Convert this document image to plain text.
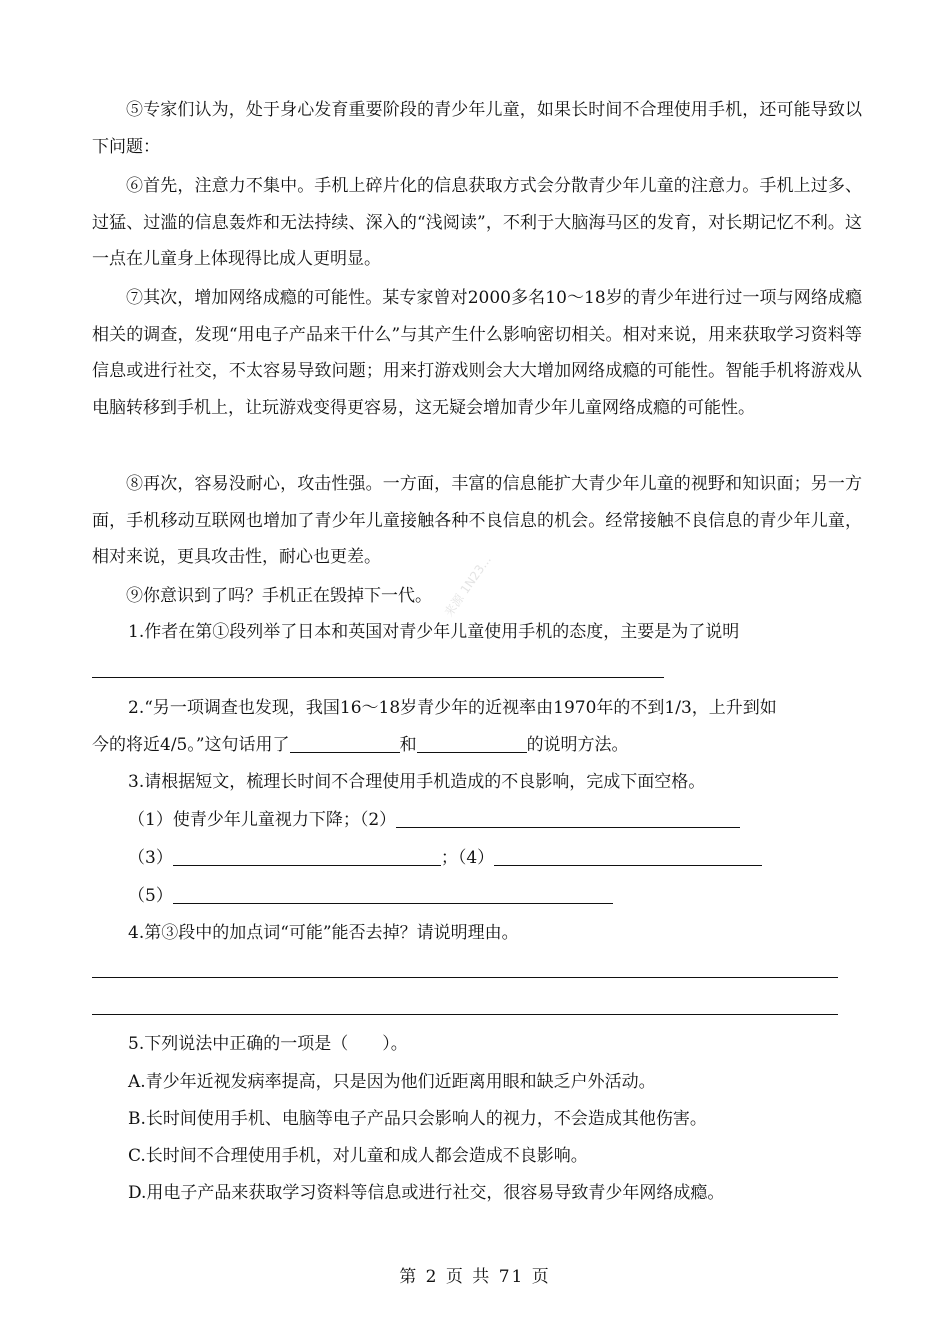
⑤专家们认为，处于身心发育重要阶段的青少年儿童，如果长时间不合理使用手机，还可能导致以下问题：

⑥首先，注意力不集中。手机上碎片化的信息获取方式会分散青少年儿童的注意力。手机上过多、过猛、过滥的信息轰炸和无法持续、深入的“浅阅读”，不利于大脑海马区的发育，对长期记忆不利。这一点在儿童身上体现得比成人更明显。

⑦其次，增加网络成瘾的可能性。某专家曾对2000多名10～18岁的青少年进行过一项与网络成瘾相关的调查，发现“用电子产品来干什么”与其产生什么影响密切相关。相对来说，用来获取学习资料等信息或进行社交，不太容易导致问题；用来打游戏则会大大增加网络成瘾的可能性。智能手机将游戏从电脑转移到手机上，让玩游戏变得更容易，这无疑会增加青少年儿童网络成瘾的可能性。

⑧再次，容易没耐心，攻击性强。一方面，丰富的信息能扩大青少年儿童的视野和知识面；另一方面，手机移动互联网也增加了青少年儿童接触各种不良信息的机会。经常接触不良信息的青少年儿童，相对来说，更具攻击性，耐心也更差。

⑨你意识到了吗？手机正在毁掉下一代。

1.作者在第①段列举了日本和英国对青少年儿童使用手机的态度，主要是为了说明
2.“另一项调查也发现，我国16～18岁青少年的近视率由1970年的不到1/3，上升到如
今的将近4/5。”这句话用了	和	的说明方法。
3.请根据短文，梳理长时间不合理使用手机造成的不良影响，完成下面空格。
（1）使青少年儿童视力下降；（2）
（3）	；（4）
（5）
4.第③段中的加点词“可能”能否去掉？请说明理由。
5.下列说法中正确的一项是（　　）。
A.青少年近视发病率提高，只是因为他们近距离用眼和缺乏户外活动。
B.长时间使用手机、电脑等电子产品只会影响人的视力，不会造成其他伤害。
C.长时间不合理使用手机，对儿童和成人都会造成不良影响。
D.用电子产品来获取学习资料等信息或进行社交，很容易导致青少年网络成瘾。
第 2 页 共 71 页
来源 1N23...
